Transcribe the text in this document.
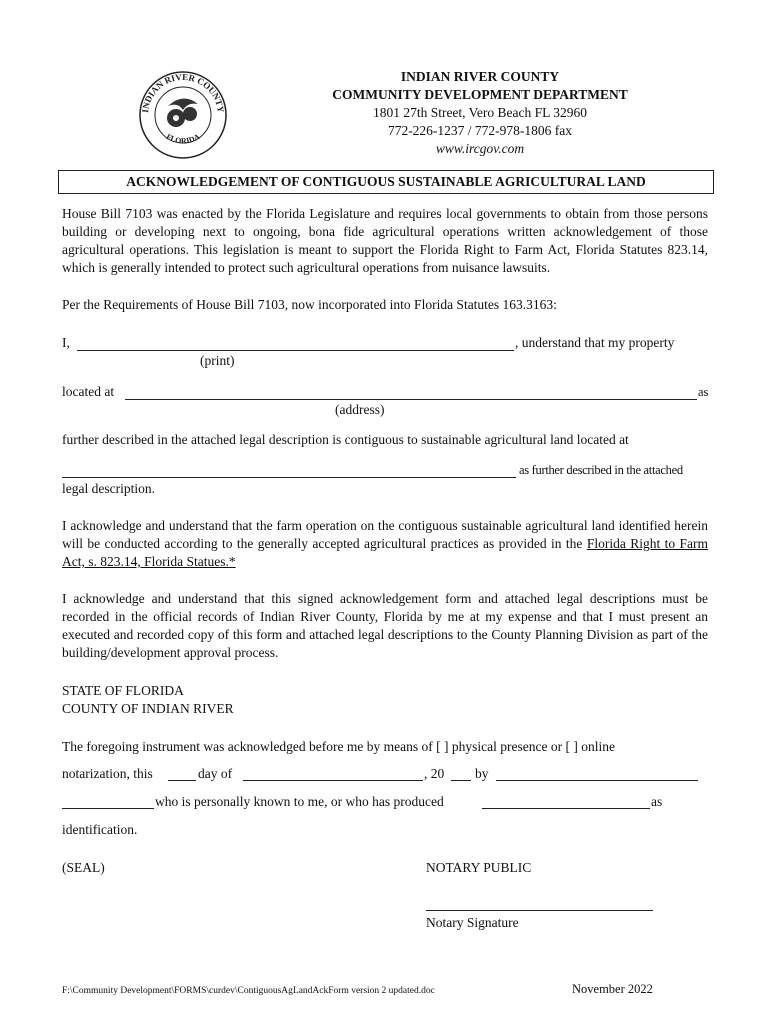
INDIAN RIVER COUNTY
FLORIDA
INDIAN RIVER COUNTY
COMMUNITY DEVELOPMENT DEPARTMENT
1801 27th Street, Vero Beach FL 32960
772-226-1237 / 772-978-1806 fax
www.ircgov.com
ACKNOWLEDGEMENT OF CONTIGUOUS SUSTAINABLE AGRICULTURAL LAND
House Bill 7103 was enacted by the Florida Legislature and requires local governments to obtain from those persons building or developing next to ongoing, bona fide agricultural operations written acknowledgement of those agricultural operations. This legislation is meant to support the Florida Right to Farm Act, Florida Statutes 823.14, which is generally intended to protect such agricultural operations from nuisance lawsuits.
Per the Requirements of House Bill 7103, now incorporated into Florida Statutes 163.3163:
I,	, understand that my property
(print)
located at	as
(address)
further described in the attached legal description is contiguous to sustainable agricultural land located at
as further described in the attached
legal description.
I acknowledge and understand that the farm operation on the contiguous sustainable agricultural land identified herein will be conducted according to the generally accepted agricultural practices as provided in the Florida Right to Farm Act, s. 823.14, Florida Statues.*
I acknowledge and understand that this signed acknowledgement form and attached legal descriptions must be recorded in the official records of Indian River County, Florida by me at my expense and that I must present an executed and recorded copy of this form and attached legal descriptions to the County Planning Division as part of the building/development approval process.
STATE OF FLORIDA
COUNTY OF INDIAN RIVER
The foregoing instrument was acknowledged before me by means of [ ] physical presence or [ ] online
notarization, this	day of	, 20 by
who is personally known to me, or who has produced	as
identification.
(SEAL)	NOTARY PUBLIC
Notary Signature
F:\Community Development\FORMS\curdev\ContiguousAgLandAckForm version 2 updated.doc	November 2022
